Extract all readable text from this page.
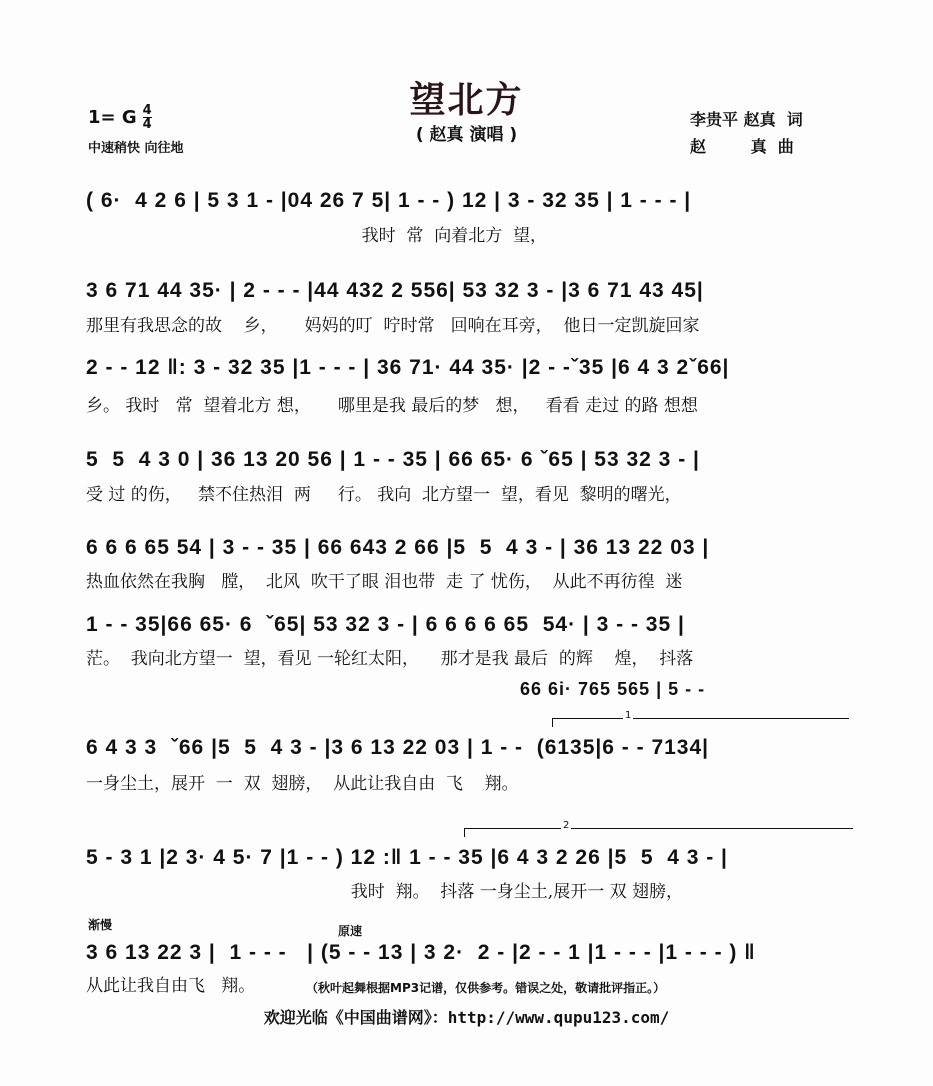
望北方
( 赵真 演唱 )
1= G $\frac{4}{4}$
中速稍快 向往地
李贵平 赵真  词
赵        真  曲
( 6·  4 2 6 | 5 3 1 - |04 26 7 5| 1 - - ) 12 | 3 - 32 35 | 1 - - - |
我时  常  向着北方  望，
3 6 71 44 35· | 2 - - - |44 432 2 556| 53 32 3 - |3 6 71 43 45|
那里有我思念的故    乡，     妈妈的叮  咛时常   回响在耳旁，  他日一定凯旋回家
2 - - 12 ‖: 3 - 32 35 |1 - - - | 36 71· 44 35· |2 - -ˇ35 |6 4 3 2ˇ66|
乡。 我时   常  望着北方 想，     哪里是我 最后的梦   想，   看看 走过 的路 想想
5  5  4 3 0 | 36 13 20 56 | 1 - - 35 | 66 65· 6 ˇ65 | 53 32 3 - |
受 过 的伤，   禁不住热泪  两     行。 我向  北方望一  望，看见  黎明的曙光，
6 6 6 65 54 | 3 - - 35 | 66 643 2 66 |5  5  4 3 - | 36 13 22 03 |
热血依然在我胸   膛，  北风  吹干了眼 泪也带  走 了 忧伤，  从此不再彷徨  迷
1 - - 35|66 65· 6  ˇ65| 53 32 3 - | 6 6 6 6 65  54· | 3 - - 35 |
茫。  我向北方望一  望，看见 一轮红太阳，    那才是我 最后  的辉    煌，  抖落
66 6i· 765 565 | 5 - -
1
6 4 3 3  ˇ66 |5  5  4 3 - |3 6 13 22 03 | 1 - -  (6135|6 - - 7134|
一身尘土，展开  一  双  翅膀，  从此让我自由  飞    翔。
2
5 - 3 1 |2 3· 4 5· 7 |1 - - ) 12 :‖ 1 - - 35 |6 4 3 2 26 |5  5  4 3 - |
我时  翔。  抖落 一身尘土,展开一 双 翅膀，
渐慢	原速
3 6 13 22 3 |  1 - - -   | (5 - - 13 | 3 2·  2 - |2 - - 1 |1 - - - |1 - - - ) ‖
从此让我自由飞   翔。	（秋叶起舞根据MP3记谱，仅供参考。错误之处，敬请批评指正。）
欢迎光临《中国曲谱网》：http://www.qupu123.com/
